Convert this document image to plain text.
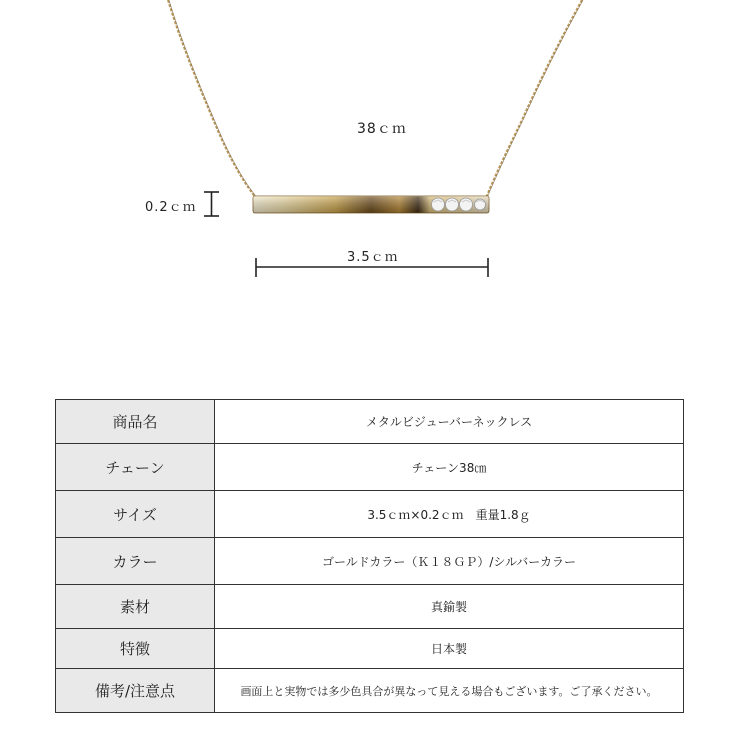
38ｃｍ
0.2ｃｍ
3.5ｃｍ
商品名	メタルビジューバーネックレス
チェーン	チェーン38㎝
サイズ	3.5ｃｍ×0.2ｃｍ　重量1.8ｇ
カラー	ゴールドカラー（Ｋ１８ＧＰ）/シルバーカラー
素材	真鍮製
特徴	日本製
備考/注意点	画面上と実物では多少色具合が異なって見える場合もございます。ご了承ください。
